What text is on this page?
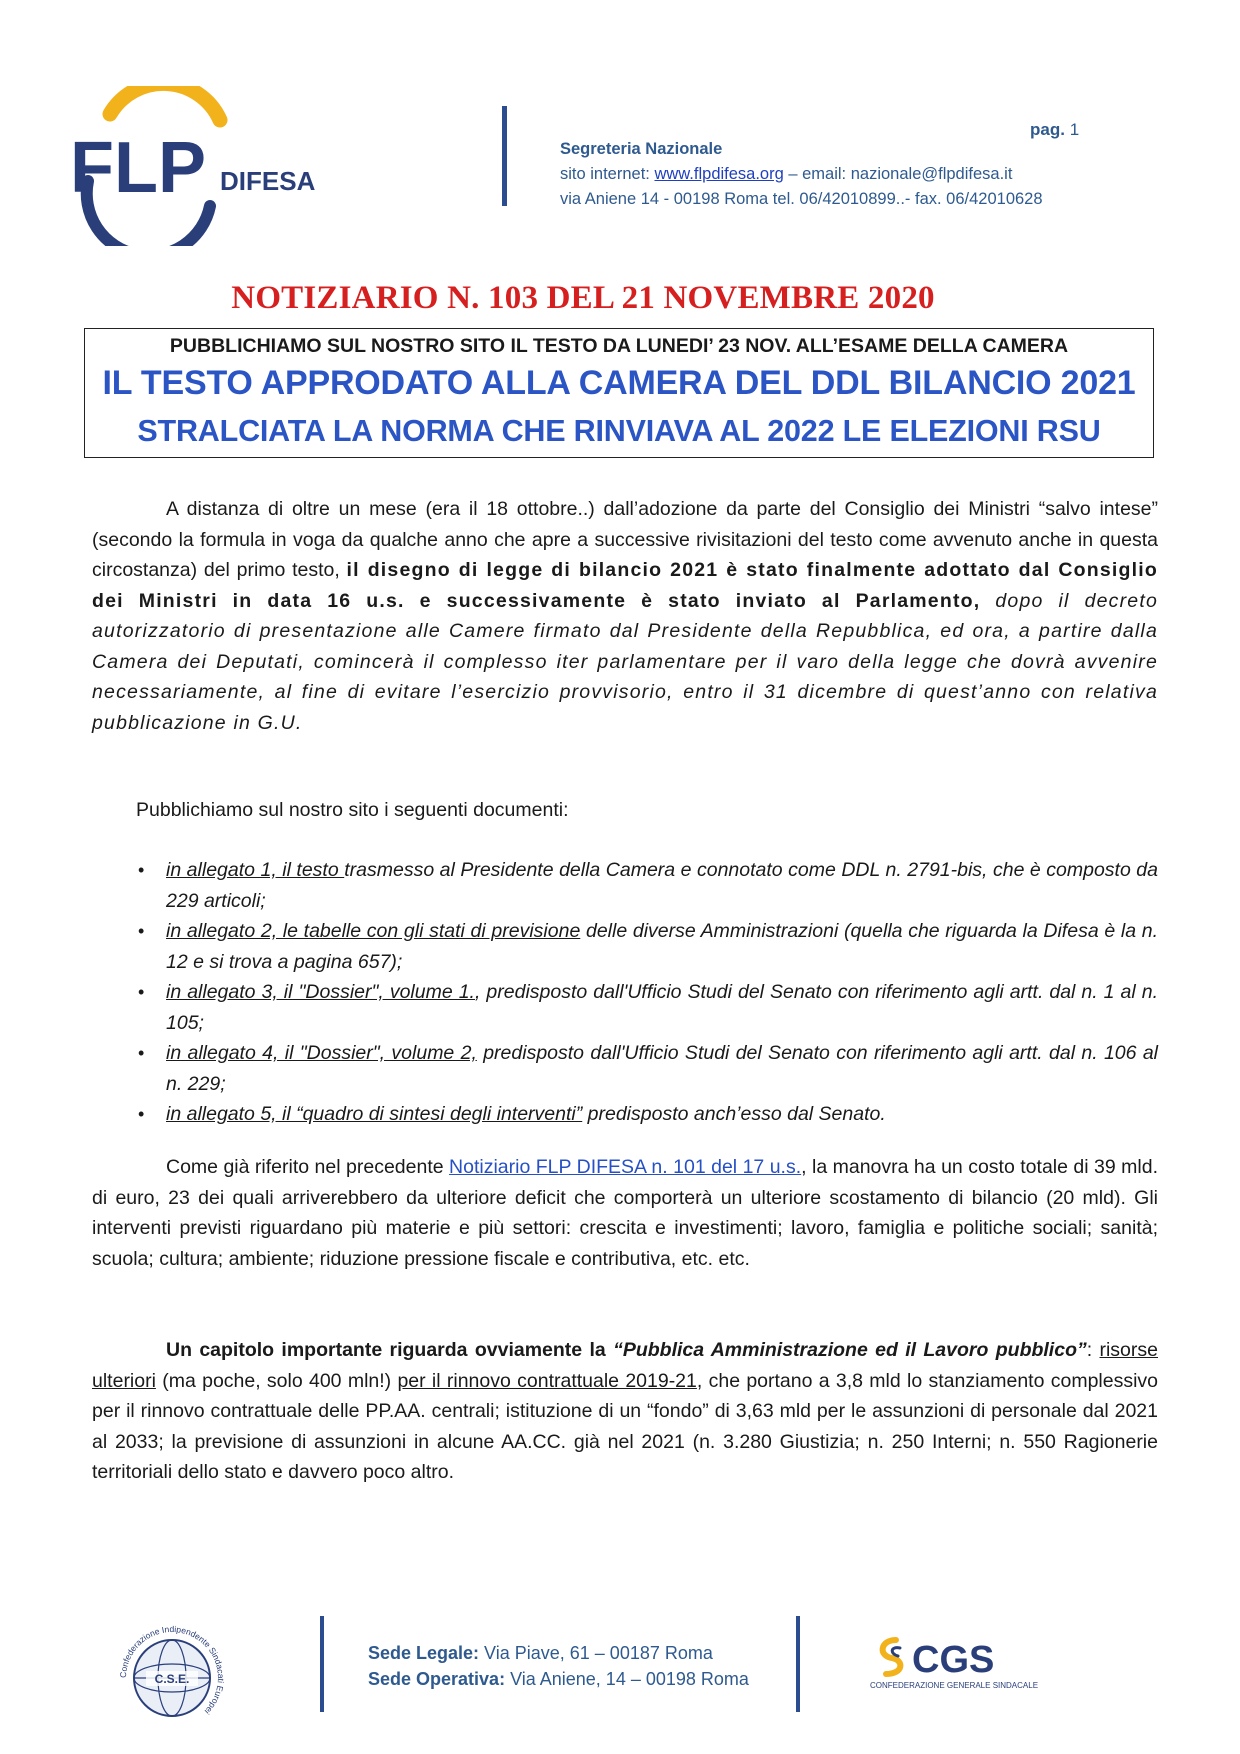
FLP DIFESA
pag. 1
Segreteria Nazionale
sito internet: www.flpdifesa.org – email: nazionale@flpdifesa.it
via Aniene 14 - 00198 Roma tel. 06/42010899..- fax. 06/42010628
NOTIZIARIO N. 103 DEL 21 NOVEMBRE 2020
PUBBLICHIAMO SUL NOSTRO SITO IL TESTO DA LUNEDI’ 23 NOV. ALL’ESAME DELLA CAMERA
IL TESTO APPRODATO ALLA CAMERA DEL DDL BILANCIO 2021
STRALCIATA LA NORMA CHE RINVIAVA AL 2022 LE ELEZIONI RSU
A distanza di oltre un mese (era il 18 ottobre..) dall’adozione da parte del Consiglio dei Ministri “salvo intese” (secondo la formula in voga da qualche anno che apre a successive rivisitazioni del testo come avvenuto anche in questa circostanza) del primo testo, il disegno di legge di bilancio 2021 è stato finalmente adottato dal Consiglio dei Ministri in data 16 u.s. e successivamente è stato inviato al Parlamento, dopo il decreto autorizzatorio di presentazione alle Camere firmato dal Presidente della Repubblica, ed ora, a partire dalla Camera dei Deputati, comincerà il complesso iter parlamentare per il varo della legge che dovrà avvenire necessariamente, al fine di evitare l’esercizio provvisorio, entro il 31 dicembre di quest’anno con relativa pubblicazione in G.U.
Pubblichiamo sul nostro sito i seguenti documenti:
• in allegato 1, il testo trasmesso al Presidente della Camera e connotato come DDL n. 2791-bis, che è composto da 229 articoli;
• in allegato 2, le tabelle con gli stati di previsione delle diverse Amministrazioni (quella che riguarda la Difesa è la n. 12 e si trova a pagina 657);
• in allegato 3, il "Dossier", volume 1., predisposto dall'Ufficio Studi del Senato con riferimento agli artt. dal n. 1 al n. 105;
• in allegato 4, il "Dossier", volume 2, predisposto dall'Ufficio Studi del Senato con riferimento agli artt. dal n. 106 al n. 229;
• in allegato 5, il “quadro di sintesi degli interventi” predisposto anch’esso dal Senato.
Come già riferito nel precedente Notiziario FLP DIFESA n. 101 del 17 u.s., la manovra ha un costo totale di 39 mld. di euro, 23 dei quali arriverebbero da ulteriore deficit che comporterà un ulteriore scostamento di bilancio (20 mld). Gli interventi previsti riguardano più materie e più settori: crescita e investimenti; lavoro, famiglia e politiche sociali; sanità; scuola; cultura; ambiente; riduzione pressione fiscale e contributiva, etc. etc.
Un capitolo importante riguarda ovviamente la “Pubblica Amministrazione ed il Lavoro pubblico”: risorse ulteriori (ma poche, solo 400 mln!) per il rinnovo contrattuale 2019-21, che portano a 3,8 mld lo stanziamento complessivo per il rinnovo contrattuale delle PP.AA. centrali; istituzione di un “fondo” di 3,63 mld per le assunzioni di personale dal 2021 al 2033; la previsione di assunzioni in alcune AA.CC. già nel 2021 (n. 3.280 Giustizia; n. 250 Interni; n. 550 Ragionerie territoriali dello stato e davvero poco altro.
Confederazione Indipendente Sindacati Europei
C.S.E.
Sede Legale: Via Piave, 61 – 00187 Roma
Sede Operativa: Via Aniene, 14 – 00198 Roma	CGS
CONFEDERAZIONE GENERALE SINDACALE
